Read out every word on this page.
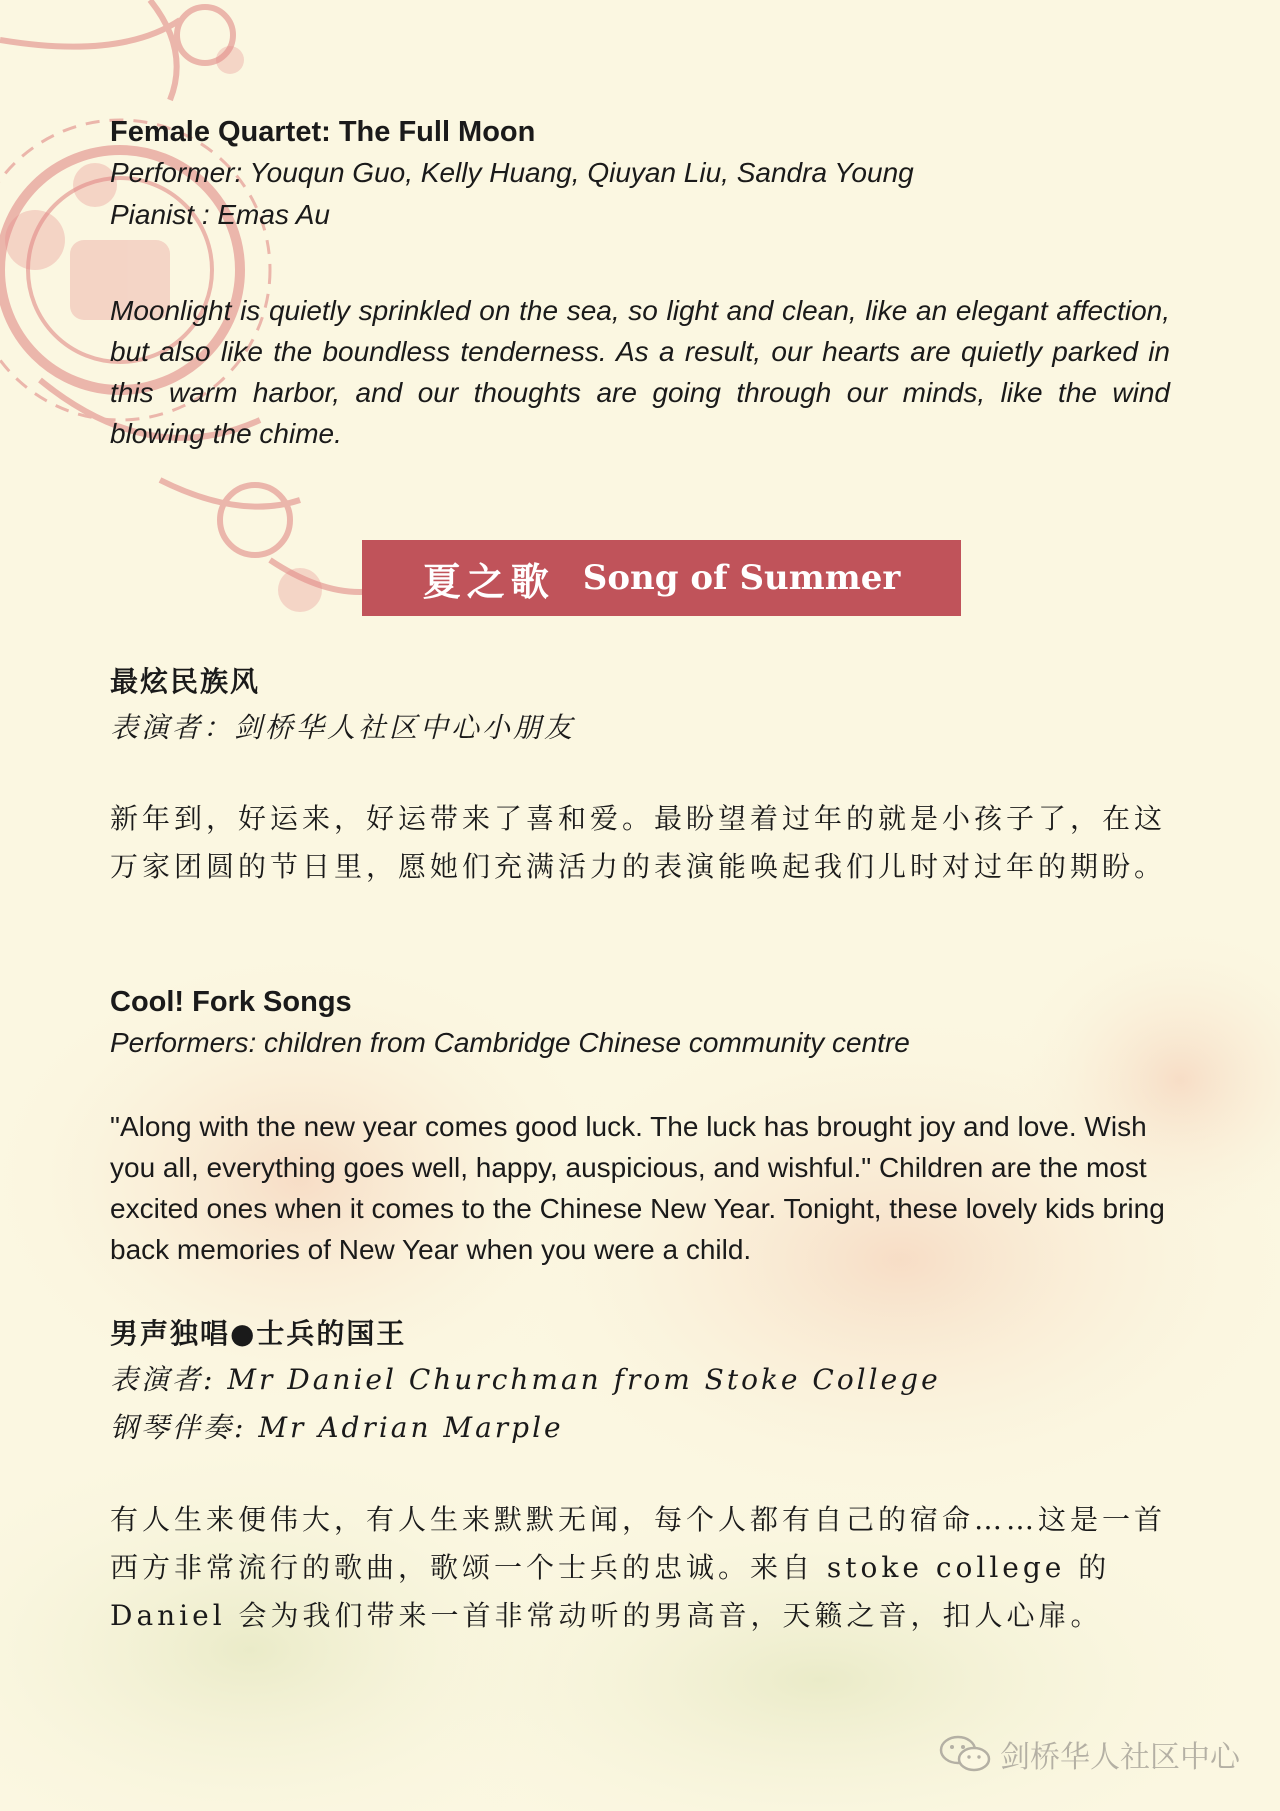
Female Quartet: The Full Moon

Performer: Youqun Guo, Kelly Huang, Qiuyan Liu, Sandra Young

Pianist : Emas Au

Moonlight is quietly sprinkled on the sea, so light and clean, like an elegant affection, but also like the boundless tenderness. As a result, our hearts are quietly parked in this warm harbor, and our thoughts are going through our minds, like the wind blowing the chime.

最炫民族风

表演者：剑桥华人社区中心小朋友

新年到，好运来，好运带来了喜和爱。最盼望着过年的就是小孩子了，在这万家团圆的节日里，愿她们充满活力的表演能唤起我们儿时对过年的期盼。

Cool! Fork Songs

Performers: children from Cambridge Chinese community centre

"Along with the new year comes good luck. The luck has brought joy and love. Wish you all, everything goes well, happy, auspicious, and wishful." Children are the most excited ones when it comes to the Chinese New Year. Tonight, these lovely kids bring back memories of New Year when you were a child.

男声独唱●士兵的国王

表演者: Mr Daniel Churchman from Stoke College

钢琴伴奏: Mr Adrian Marple

有人生来便伟大，有人生来默默无闻，每个人都有自己的宿命……这是一首西方非常流行的歌曲，歌颂一个士兵的忠诚。来自 stoke college 的 Daniel 会为我们带来一首非常动听的男高音，天籁之音，扣人心扉。

夏之歌 Song of Summer
剑桥华人社区中心
